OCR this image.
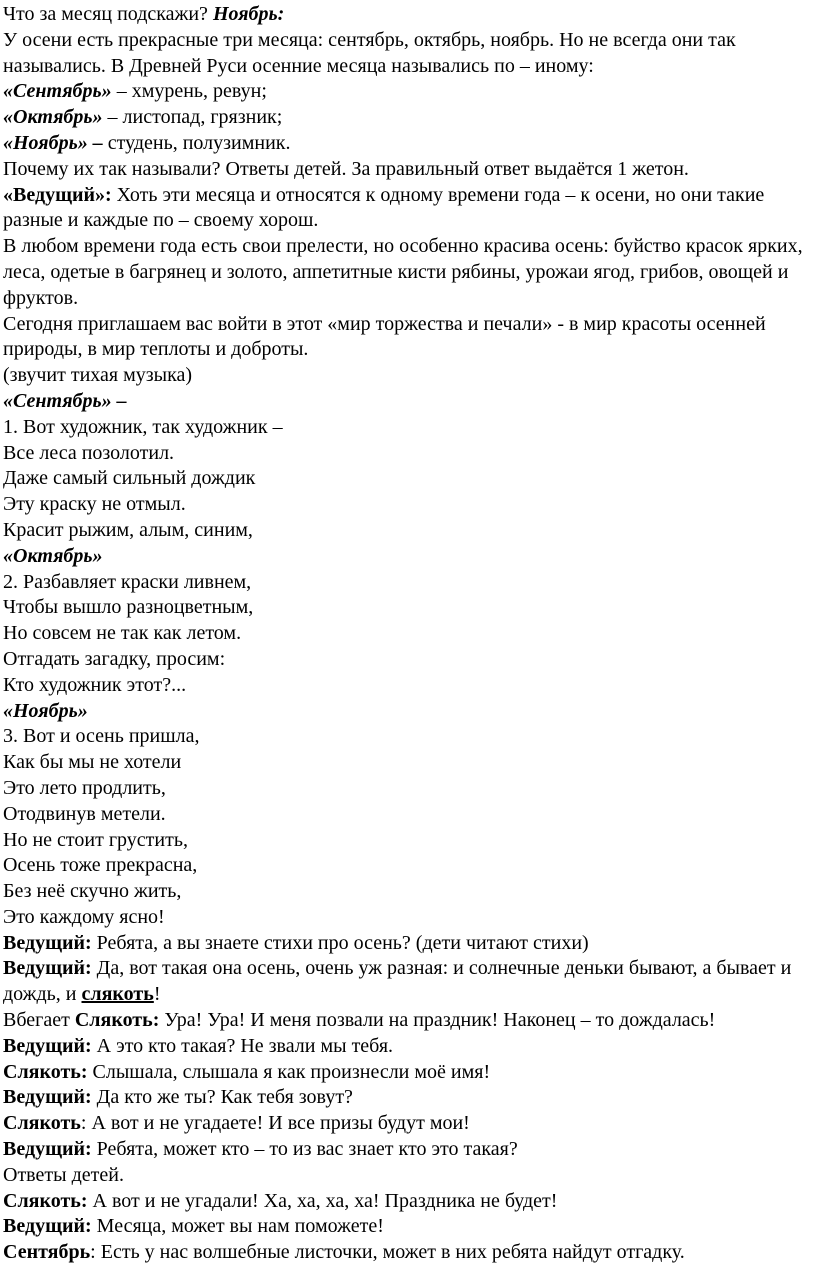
Что за месяц подскажи? Ноябрь:

У осени есть прекрасные три месяца: сентябрь, октябрь, ноябрь. Но не всегда они так назывались. В Древней Руси осенние месяца назывались по – иному:

«Сентябрь» – хмурень, ревун;

«Октябрь» – листопад, грязник;

«Ноябрь» – студень, полузимник.

Почему их так называли? Ответы детей. За правильный ответ выдаётся 1 жетон.

«Ведущий»: Хоть эти месяца и относятся к одному времени года – к осени, но они такие разные и каждые по – своему хорош.

В любом времени года есть свои прелести, но особенно красива осень: буйство красок ярких, леса, одетые в багрянец и золото, аппетитные кисти рябины, урожаи ягод, грибов, овощей и фруктов.

Сегодня приглашаем вас войти в этот «мир торжества и печали» - в мир красоты осенней природы, в мир теплоты и доброты.

(звучит тихая музыка)

«Сентябрь» –

1. Вот художник, так художник –

Все леса позолотил.

Даже самый сильный дождик

Эту краску не отмыл.

Красит рыжим, алым, синим,

«Октябрь»

2. Разбавляет краски ливнем,

Чтобы вышло разноцветным,

Но совсем не так как летом.

Отгадать загадку, просим:

Кто художник этот?...

«Ноябрь»

3. Вот и осень пришла,

Как бы мы не хотели

Это лето продлить,

Отодвинув метели.

Но не стоит грустить,

Осень тоже прекрасна,

Без неё скучно жить,

Это каждому ясно!

Ведущий: Ребята, а вы знаете стихи про осень? (дети читают стихи)

Ведущий: Да, вот такая она осень, очень уж разная: и солнечные деньки бывают, а бывает и дождь, и слякоть!

Вбегает Слякоть: Ура! Ура! И меня позвали на праздник! Наконец – то дождалась!

Ведущий: А это кто такая? Не звали мы тебя.

Слякоть: Слышала, слышала я как произнесли моё имя!

Ведущий: Да кто же ты? Как тебя зовут?

Слякоть: А вот и не угадаете! И все призы будут мои!

Ведущий: Ребята, может кто – то из вас знает кто это такая?

Ответы детей.

Слякоть: А вот и не угадали! Ха, ха, ха, ха! Праздника не будет!

Ведущий: Месяца, может вы нам поможете!

Сентябрь: Есть у нас волшебные листочки, может в них ребята найдут отгадку.
